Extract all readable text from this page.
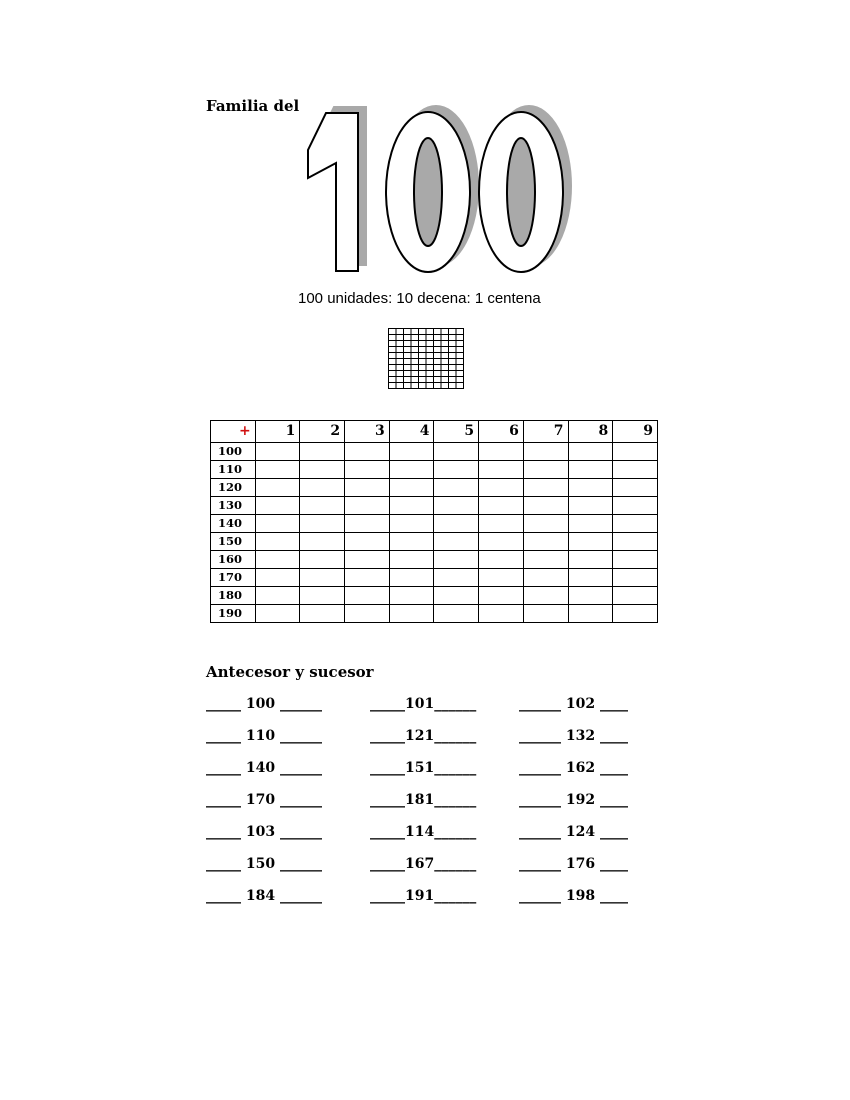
Familia del
100 unidades: 10 decena: 1 centena
+	1	2	3	4	5	6	7	8	9
100									
110									
120									
130									
140									
150									
160									
170									
180									
190									
Antecesor y sucesor
_____ 100 ______	_____101______	______ 102 ____
_____ 110 ______	_____121______	______ 132 ____
_____ 140 ______	_____151______	______ 162 ____
_____ 170 ______	_____181______	______ 192 ____
_____ 103 ______	_____114______	______ 124 ____
_____ 150 ______	_____167______	______ 176 ____
_____ 184 ______	_____191______	______ 198 ____
